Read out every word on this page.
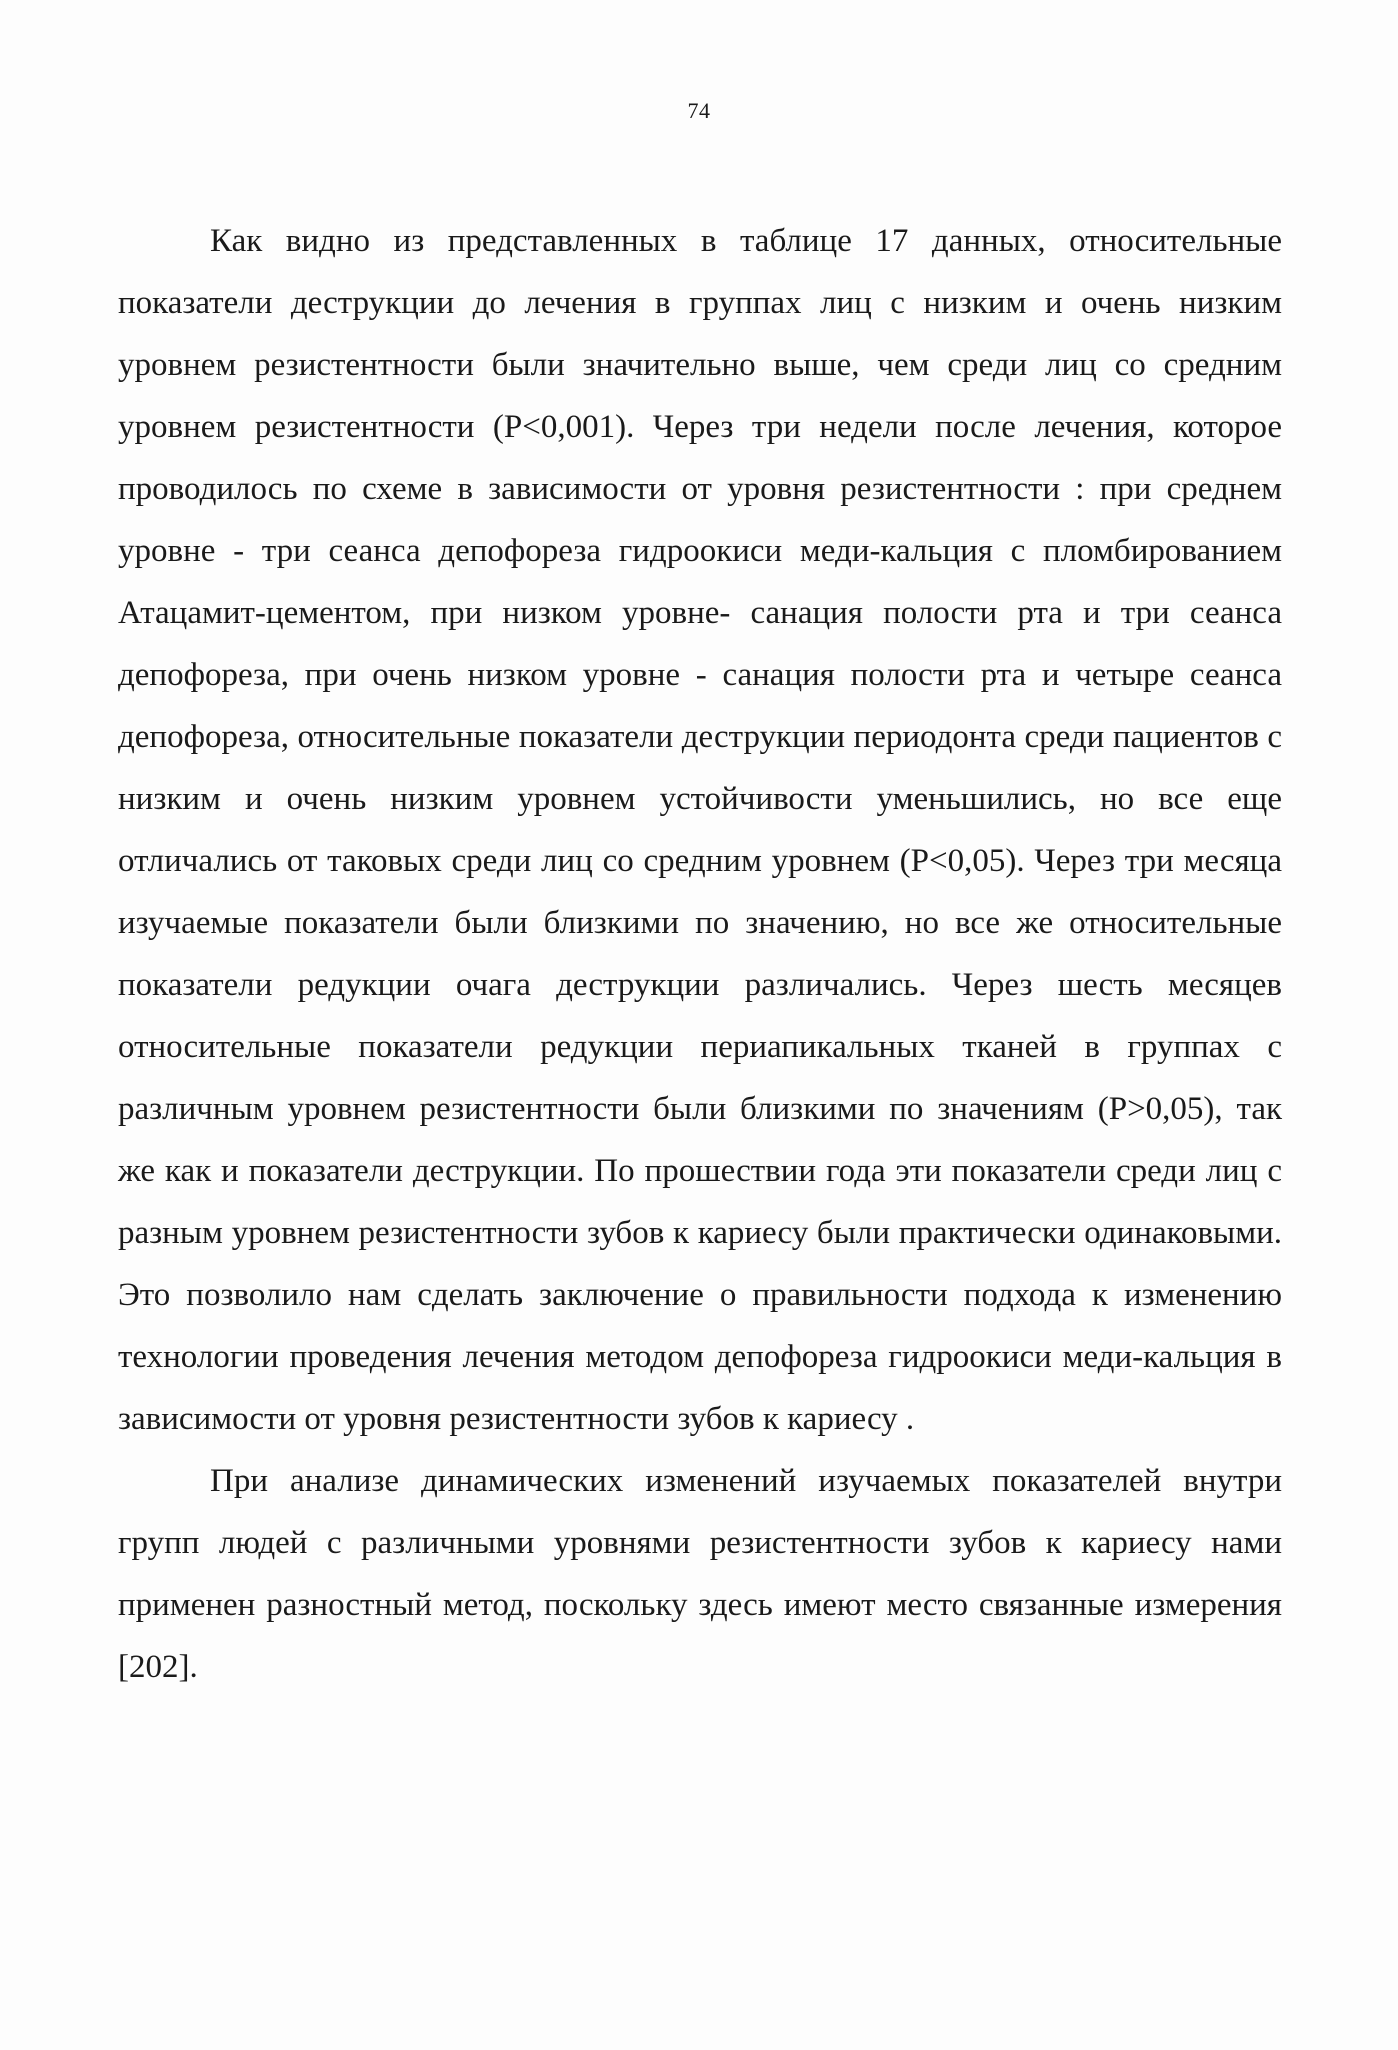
74

Как видно из представленных в таблице 17 данных, относительные показатели деструкции до лечения в группах лиц с низким и очень низким уровнем резистентности были значительно выше, чем среди лиц со средним уровнем резистентности (Р<0,001). Через три недели после лечения, которое проводилось по схеме в зависимости от уровня резистентности : при среднем уровне - три сеанса депофореза гидроокиси меди-кальция с пломбированием Атацамит-цементом, при низком уровне- санация полости рта и три сеанса депофореза, при очень низком уровне - санация полости рта и четыре сеанса депофореза, относительные показатели деструкции периодонта среди пациентов с низким и очень низким уровнем устойчивости уменьшились, но все еще отличались от таковых среди лиц со средним уровнем (Р<0,05). Через три месяца изучаемые показатели были близкими по значению, но все же относительные показатели редукции очага деструкции различались. Через шесть месяцев относительные показатели редукции периапикальных тканей в группах с различным уровнем резистентности были близкими по значениям (Р>0,05), так же как и показатели деструкции. По прошествии года эти показатели среди лиц с разным уровнем резистентности зубов к кариесу были практически одинаковыми. Это позволило нам сделать заключение о правильности подхода к изменению технологии проведения лечения методом депофореза гидроокиси меди-кальция в зависимости от уровня резистентности зубов к кариесу .

При анализе динамических изменений изучаемых показателей внутри групп людей с различными уровнями резистентности зубов к кариесу нами применен разностный метод, поскольку здесь имеют место связанные измерения [202].
